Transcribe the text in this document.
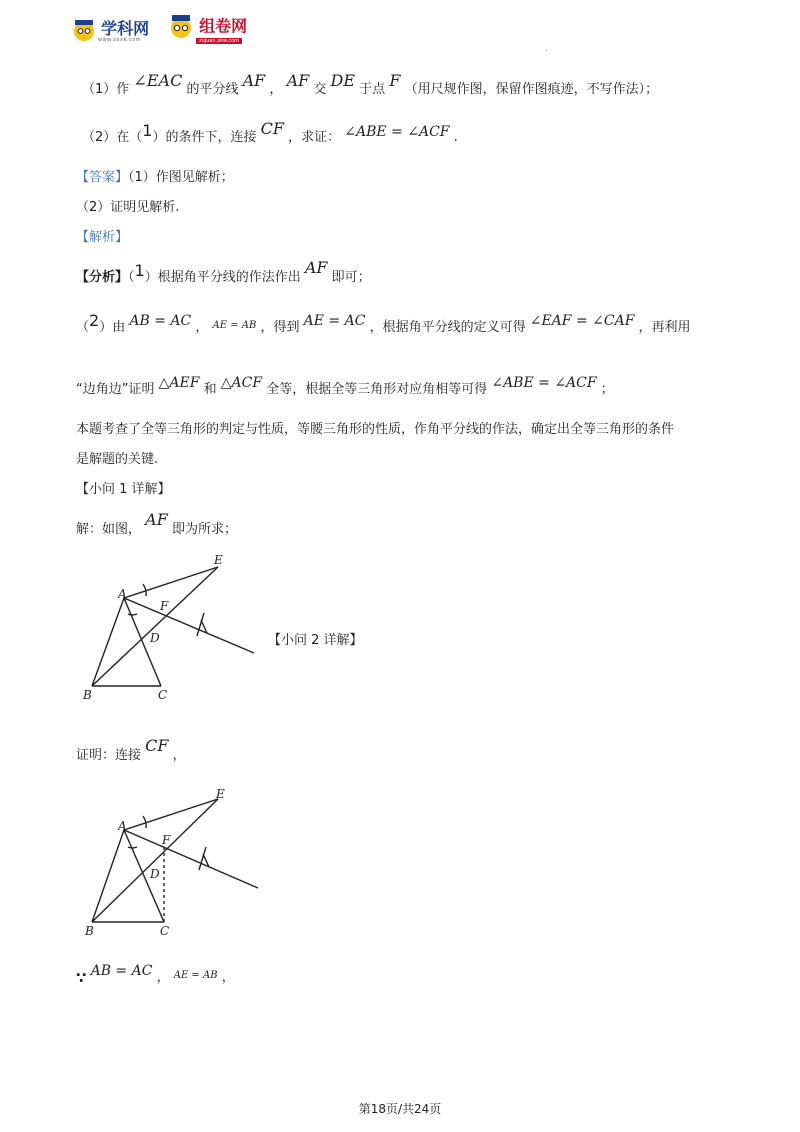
学科网
www.zxxk.com
组卷网
zujuan.xkw.com
.
（1）作 ∠EAC 的平分线 AF ， AF 交 DE 于点 F （用尺规作图，保留作图痕迹，不写作法）；
（2）在（1）的条件下，连接 CF ，求证： ∠ABE = ∠ACF .
【答案】（1）作图见解析；
（2）证明见解析.
【解析】
【分析】（1）根据角平分线的作法作出 AF 即可；
（2）由 AB = AC ， $^{AE = AB}$ ，得到 AE = AC ，根据角平分线的定义可得 ∠EAF = ∠CAF ，再利用
“边角边”证明 △AEF 和 △ACF 全等，根据全等三角形对应角相等可得 ∠ABE = ∠ACF ；
本题考查了全等三角形的判定与性质，等腰三角形的性质，作角平分线的作法，确定出全等三角形的条件
是解题的关键.
【小问 1 详解】
解：如图， AF 即为所求；
A
B	C
D
E
F
【小问 2 详解】
证明：连接 CF ，
A
B	C
D
E
F
∵ AB = AC ， $^{AE = AB}$ ，
第18页/共24页
